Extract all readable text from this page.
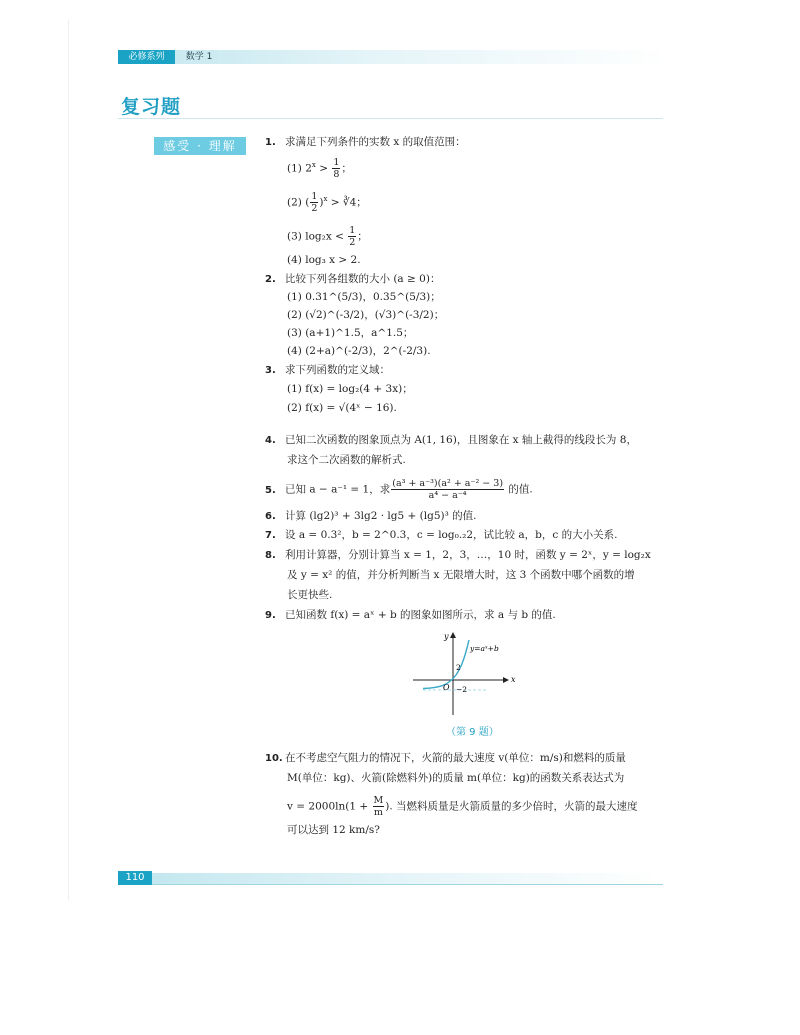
必修系列	数学 1
复习题
感受 · 理解	1. 求满足下列条件的实数 x 的取值范围：
(1) $2^x > \frac{1}{8}$ ；
(2) ( $\frac{1}{2} )^x$ > ∛4；
(3) $\log_2x < \frac{1}{2}$ ；
(4) log₃ x > 2.
2. 比较下列各组数的大小 (a ≥ 0)：
(1) 0.31^(5/3)，0.35^(5/3)；
(2) (√2)^(-3/2)，(√3)^(-3/2)；
(3) (a+1)^1.5，a^1.5；
(4) (2+a)^(-2/3)，2^(-2/3).
3. 求下列函数的定义域：
(1) f(x) = log₂(4 + 3x)；
(2) f(x) = √(4ˣ − 16).
4. 已知二次函数的图象顶点为 A(1, 16)，且图象在 x 轴上截得的线段长为 8，
求这个二次函数的解析式.
5. 已知 a − a⁻¹ = 1，求 $\frac{\text{(a³ + a⁻³)(a² + a⁻² − 3)}}{\text{a⁴ − a⁻⁴}}$ 的值.
6. 计算 (lg2)³ + 3lg2 · lg5 + (lg5)³ 的值.
7. 设 a = 0.3²，b = 2^0.3，c = log₀.₂2，试比较 a，b，c 的大小关系.
8. 利用计算器，分别计算当 x = 1，2，3，…，10 时，函数 y = 2ˣ，y = log₂x
及 y = x² 的值，并分析判断当 x 无限增大时，这 3 个函数中哪个函数的增
长更快些.
9. 已知函数 f(x) = aˣ + b 的图象如图所示，求 a 与 b 的值.
10. 在不考虑空气阻力的情况下，火箭的最大速度 v(单位：m/s)和燃料的质量
M(单位：kg)、火箭(除燃料外)的质量 m(单位：kg)的函数关系表达式为
$v = 2000\ln(1 + \frac{M}{m}$ ). 当燃料质量是火箭质量的多少倍时，火箭的最大速度
可以达到 12 km/s?
y
x
O
y=aˣ+b
2
−2
（第 9 题）
110
